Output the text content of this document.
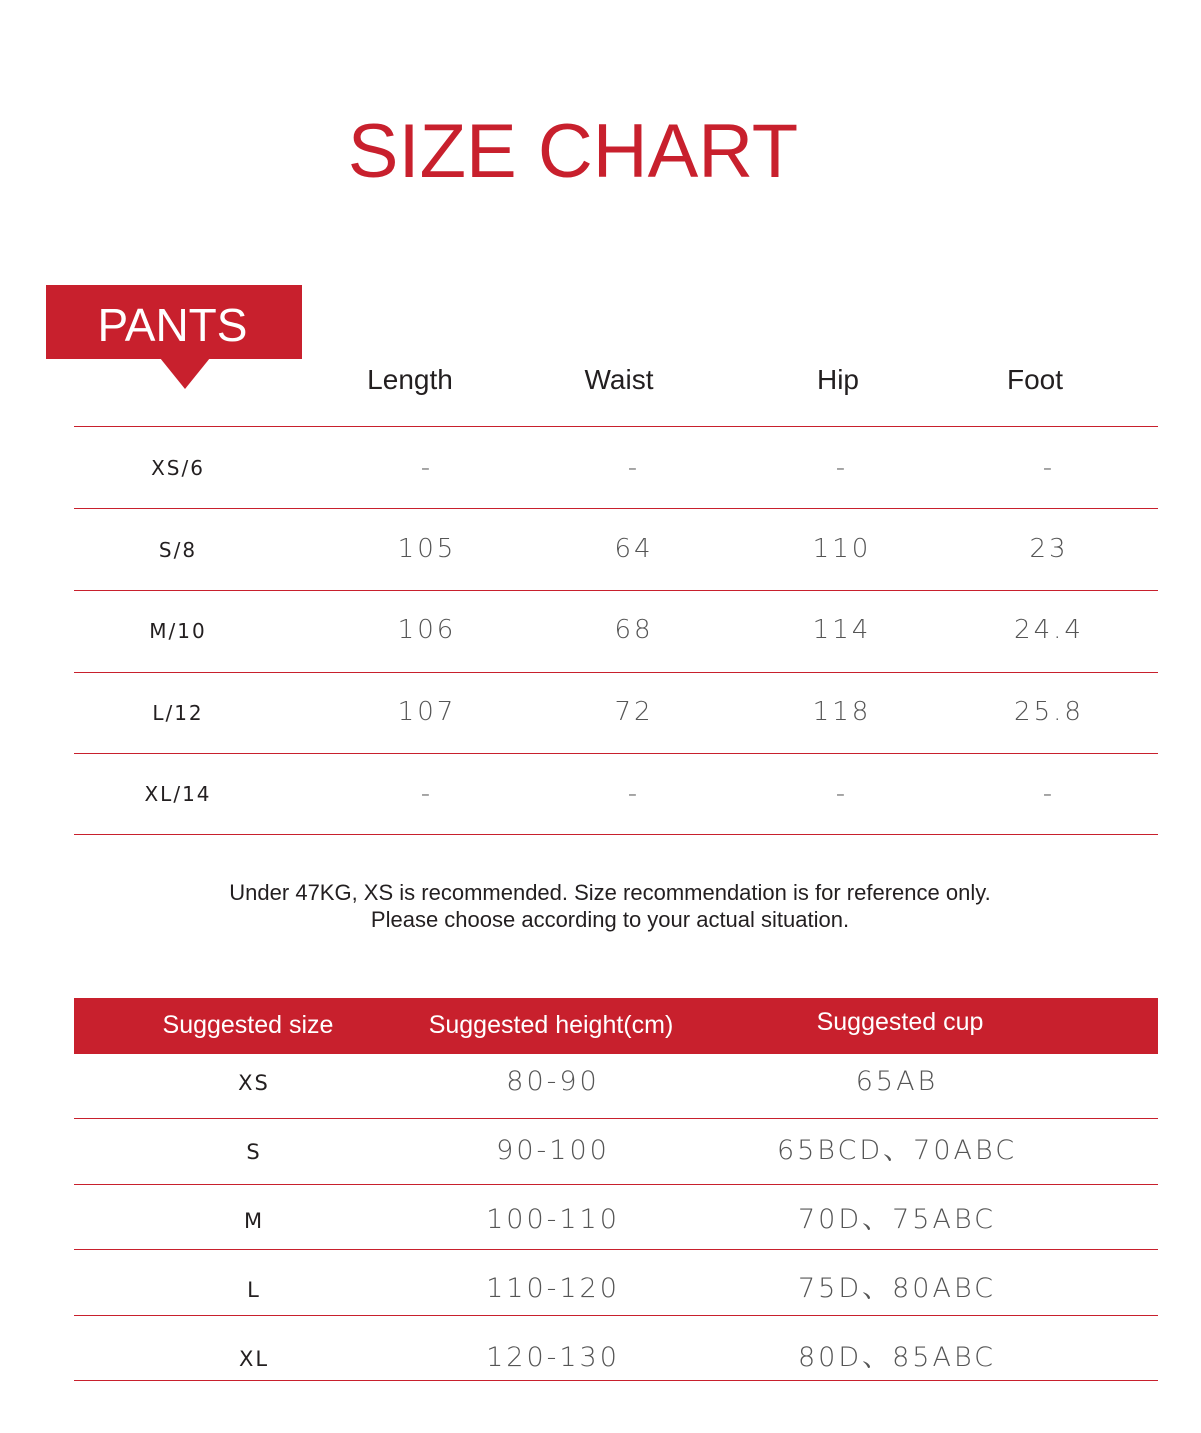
SIZE CHART
PANTS
Length	Waist	Hip	Foot
XS/6	-	-	-	-
S/8	105	64	110	23
M/10	106	68	114	24.4
L/12	107	72	118	25.8
XL/14	-	-	-	-
Under 47KG, XS is recommended. Size recommendation is for reference only.
Please choose according to your actual situation.
Suggested size	Suggested height(cm)	Suggested cup
XS	80-90	65AB
S	90-100	65BCD、70ABC
M	100-110	70D、75ABC
L	110-120	75D、80ABC
XL	120-130	80D、85ABC
